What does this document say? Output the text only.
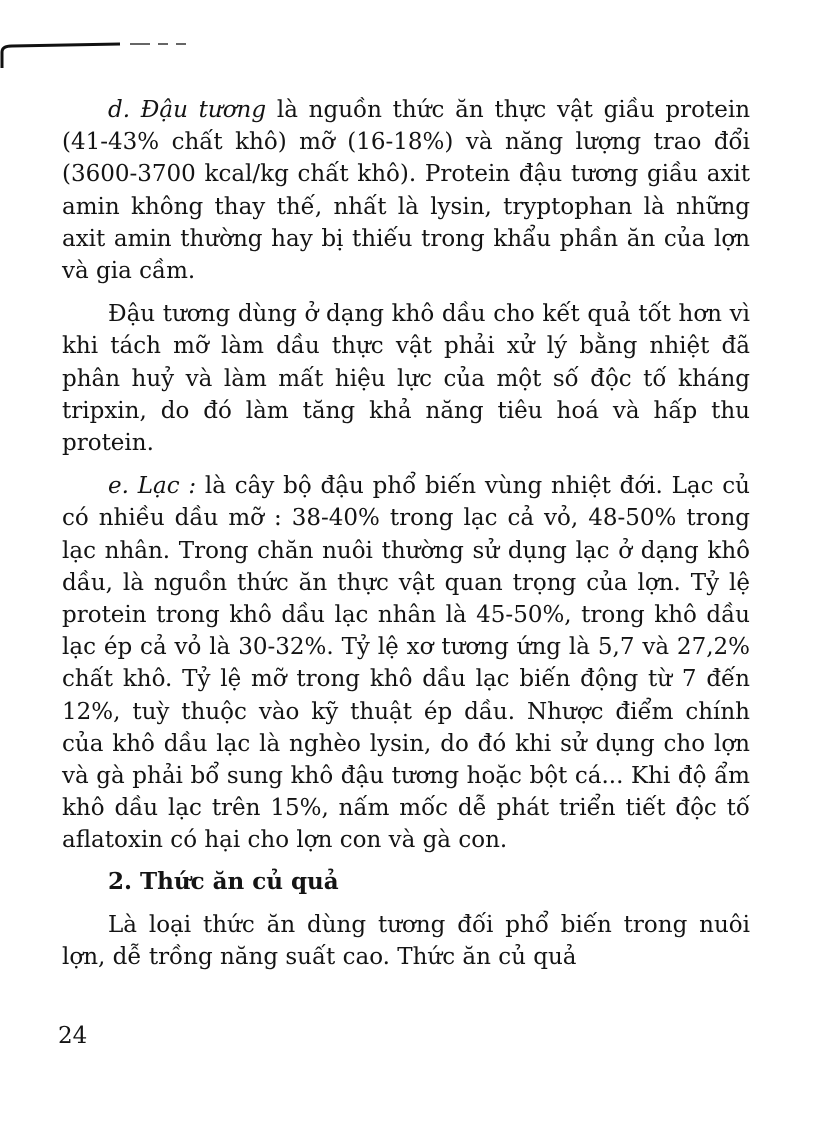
d. Đậu tương là nguồn thức ăn thực vật giầu protein (41-43% chất khô) mỡ (16-18%) và năng lượng trao đổi (3600-3700 kcal/kg chất khô). Protein đậu tương giầu axit amin không thay thế, nhất là lysin, tryptophan là những axit amin thường hay bị thiếu trong khẩu phần ăn của lợn và gia cầm.

Đậu tương dùng ở dạng khô dầu cho kết quả tốt hơn vì khi tách mỡ làm dầu thực vật phải xử lý bằng nhiệt đã phân huỷ và làm mất hiệu lực của một số độc tố kháng tripxin, do đó làm tăng khả năng tiêu hoá và hấp thu protein.

e. Lạc : là cây bộ đậu phổ biến vùng nhiệt đới. Lạc củ có nhiều dầu mỡ : 38-40% trong lạc cả vỏ, 48-50% trong lạc nhân. Trong chăn nuôi thường sử dụng lạc ở dạng khô dầu, là nguồn thức ăn thực vật quan trọng của lợn. Tỷ lệ protein trong khô dầu lạc nhân là 45-50%, trong khô dầu lạc ép cả vỏ là 30-32%. Tỷ lệ xơ tương ứng là 5,7 và 27,2% chất khô. Tỷ lệ mỡ trong khô dầu lạc biến động từ 7 đến 12%, tuỳ thuộc vào kỹ thuật ép dầu. Nhược điểm chính của khô dầu lạc là nghèo lysin, do đó khi sử dụng cho lợn và gà phải bổ sung khô đậu tương hoặc bột cá... Khi độ ẩm khô dầu lạc trên 15%, nấm mốc dễ phát triển tiết độc tố aflatoxin có hại cho lợn con và gà con.

2. Thức ăn củ quả

Là loại thức ăn dùng tương đối phổ biến trong nuôi lợn, dễ trồng năng suất cao. Thức ăn củ quả

24
